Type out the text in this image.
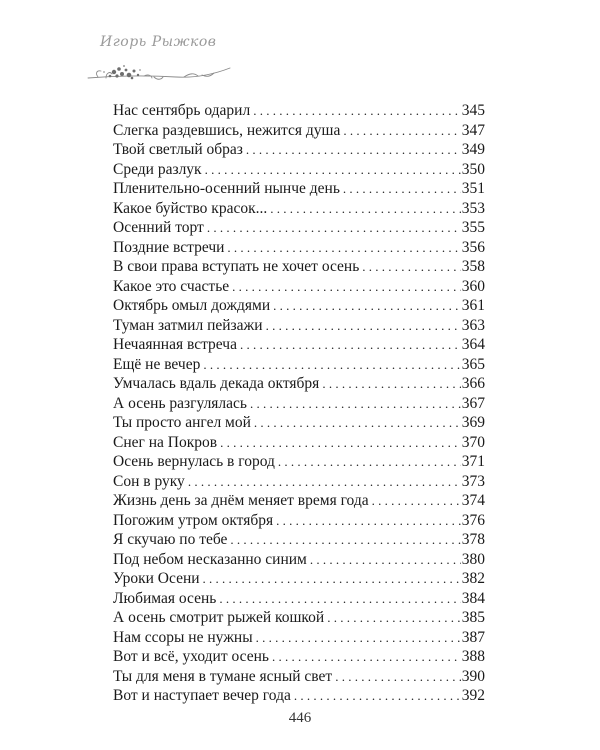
Игорь Рыжков
Нас сентябрь одарил . . .	345
Слегка раздевшись, нежится душа . . .	347
Твой светлый образ . . .	349
Среди разлук . . .	350
Пленительно-осенний нынче день . . .	351
Какое буйство красок... . . .	353
Осенний торт . . .	355
Поздние встречи . . .	356
В свои права вступать не хочет осень . . .	358
Какое это счастье . . .	360
Октябрь омыл дождями . . .	361
Туман затмил пейзажи . . .	363
Нечаянная встреча . . .	364
Ещё не вечер . . .	365
Умчалась вдаль декада октября . . .	366
А осень разгулялась . . .	367
Ты просто ангел мой . . .	369
Снег на Покров . . .	370
Осень вернулась в город . . .	371
Сон в руку . . .	373
Жизнь день за днём меняет время года . . .	374
Погожим утром октября . . .	376
Я скучаю по тебе . . .	378
Под небом несказанно синим . . .	380
Уроки Осени . . .	382
Любимая осень . . .	384
А осень смотрит рыжей кошкой . . .	385
Нам ссоры не нужны . . .	387
Вот и всё, уходит осень . . .	388
Ты для меня в тумане ясный свет . . .	390
Вот и наступает вечер года . . .	392
446
